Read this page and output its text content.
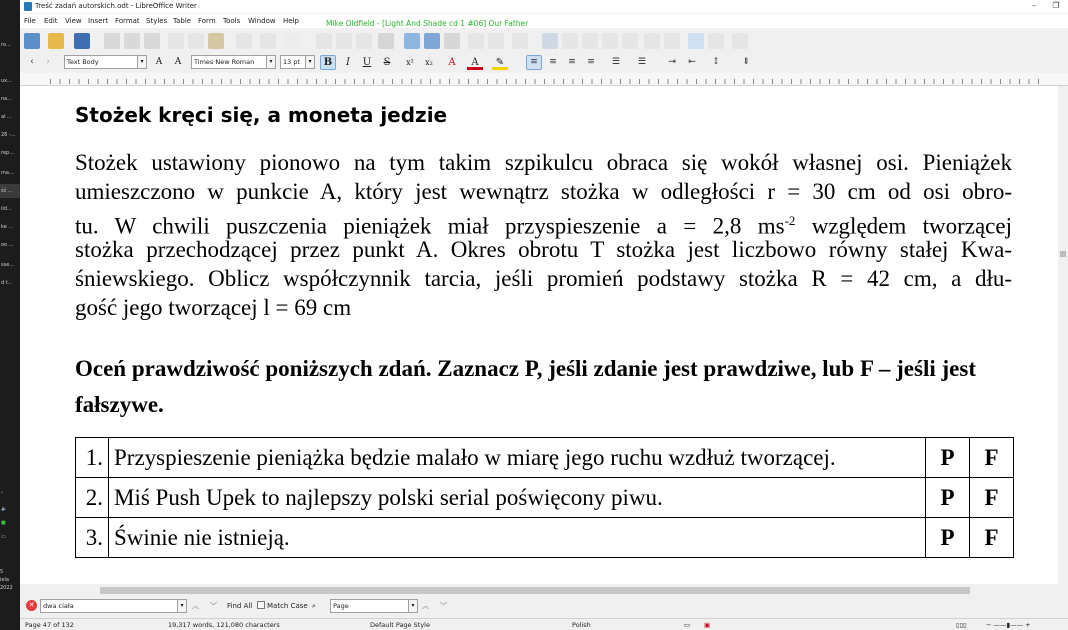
ro...
ux...
na...
al ...
28 -...
rep...
ma...
ść ...
ild...
ke ...
oo ...
sse...
d t...
›
🔈
■
▭
5
iela
2022
Treść zadań autorskich.odt - LibreOffice Writer	–	❐
File Edit View Insert Format Styles Table Form Tools Window Help	Mike Oldfield - [Light And Shade cd 1 #06] Our Father
‹	›	Text Body	▾	A	A	Times New Roman	▾	13 pt	▾	B	I	U	S	x²	x₂	A	A	✎	≡	≡	≡	≡	☰	☰	⇥	⇤	↕	⇕
Stożek kręci się, a moneta jedzie
Stożek ustawiony pionowo na tym takim szpikulcu obraca się wokół własnej osi. Pieniążek
umieszczono w punkcie A, który jest wewnątrz stożka w odległości r = 30 cm od osi obro-
tu. W chwili puszczenia pieniążek miał przyspieszenie a = 2,8 $ms^{-2}$ względem tworzącej
stożka przechodzącej przez punkt A. Okres obrotu T stożka jest liczbowo równy stałej Kwa-
śniewskiego. Oblicz współczynnik tarcia, jeśli promień podstawy stożka R = 42 cm, a dłu-
gość jego tworzącej l = 69 cm
Oceń prawdziwość poniższych zdań. Zaznacz P, jeśli zdanie jest prawdziwe, lub F – jeśli jest fałszywe.
1.	Przyspieszenie pieniążka będzie malało w miarę jego ruchu wzdłuż tworzącej.	P	F
2.	Miś Push Upek to najlepszy polski serial poświęcony piwu.	P	F
3.	Świnie nie istnieją.	P	F
✕	dwa ciała	▾	︿ ﹀ Find All Match Case ⌕	Page	▾	︿ ﹀
Page 47 of 132	19,317 words, 121,080 characters	Default Page Style	Polish	▭ ▣	▯▯▯	− ——▮—— +
